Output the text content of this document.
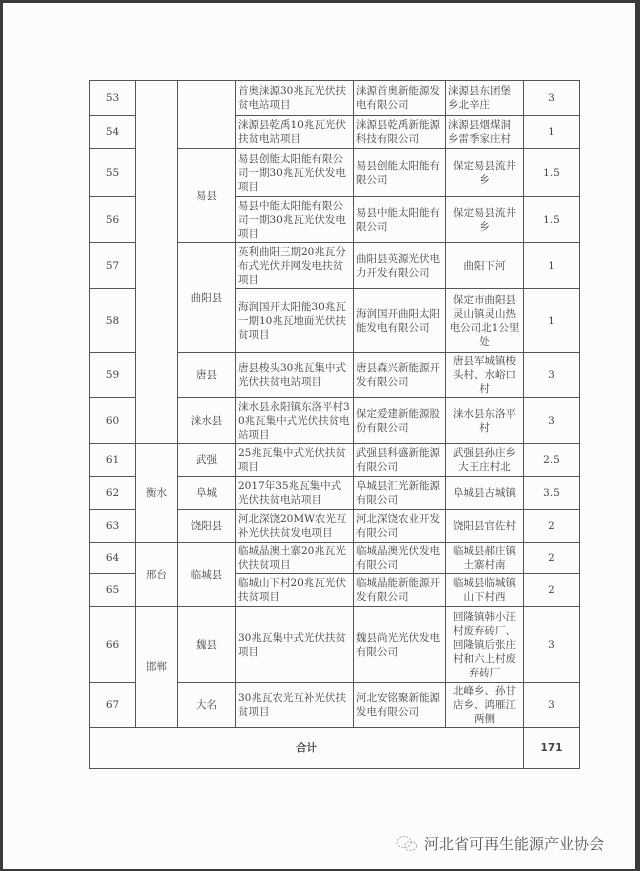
53			首奥涞源30兆瓦光伏扶贫电站项目	涞源首奥新能源发电有限公司	涞源县东团堡乡北辛庄	3
54			涞源县乾禹10兆瓦光伏扶贫电站项目	涞源县乾禹新能源科技有限公司	涞源县烟煤洞乡雷季家庄村	1
55		易县	易县创能太阳能有限公司一期30兆瓦光伏发电项目	易县创能太阳能有限公司	保定易县流井乡	1.5
56			易县中能太阳能有限公司一期30兆瓦光伏发电项目	易县中能太阳能有限公司	保定易县流井乡	1.5
57		曲阳县	英利曲阳三期20兆瓦分布式光伏并网发电扶贫项目	曲阳县英源光伏电力开发有限公司	曲阳下河	1
58			海润国开太阳能30兆瓦一期10兆瓦地面光伏扶贫项目	海润国开曲阳太阳能发电有限公司	保定市曲阳县灵山镇灵山热电公司北1公里处	1
59		唐县	唐县梭头30兆瓦集中式光伏扶贫电站项目	唐县森兴新能源开发有限公司	唐县军城镇梭头村、水峪口村	3
60		涞水县	涞水县永阳镇东洛平村30兆瓦集中式光伏扶贫电站项目	保定爱建新能源股份有限公司	涞水县东洛平村	3
61	衡水	武强	25兆瓦集中式光伏扶贫项目	武强县科盛新能源有限公司	武强县孙庄乡大王庄村北	2.5
62		阜城	2017年35兆瓦集中式光伏扶贫电站项目	阜城县汇光新能源有限公司	阜城县古城镇	3.5
63		饶阳县	河北深饶20MW农光互补光伏扶贫发电项目	河北深饶农业开发有限公司	饶阳县官佐村	2
64	邢台	临城县	临城晶澳土寨20兆瓦光伏扶贫项目	临城晶澳光伏发电有限公司	临城县郝庄镇土寨村南	2
65			临城山下村20兆瓦光伏扶贫项目	临城晶能新能源开发有限公司	临城县临城镇山下村西	2
66	邯郸	魏县	30兆瓦集中式光伏扶贫项目	魏县尚光光伏发电有限公司	回隆镇韩小汪村废弃砖厂、回隆镇后张庄村和六上村废弃砖厂	3
67		大名	30兆瓦农光互补光伏扶贫项目	河北安铭聚新能源发电有限公司	北峰乡、孙甘店乡、鸿雁江两侧	3
合计						171
河北省可再生能源产业协会
